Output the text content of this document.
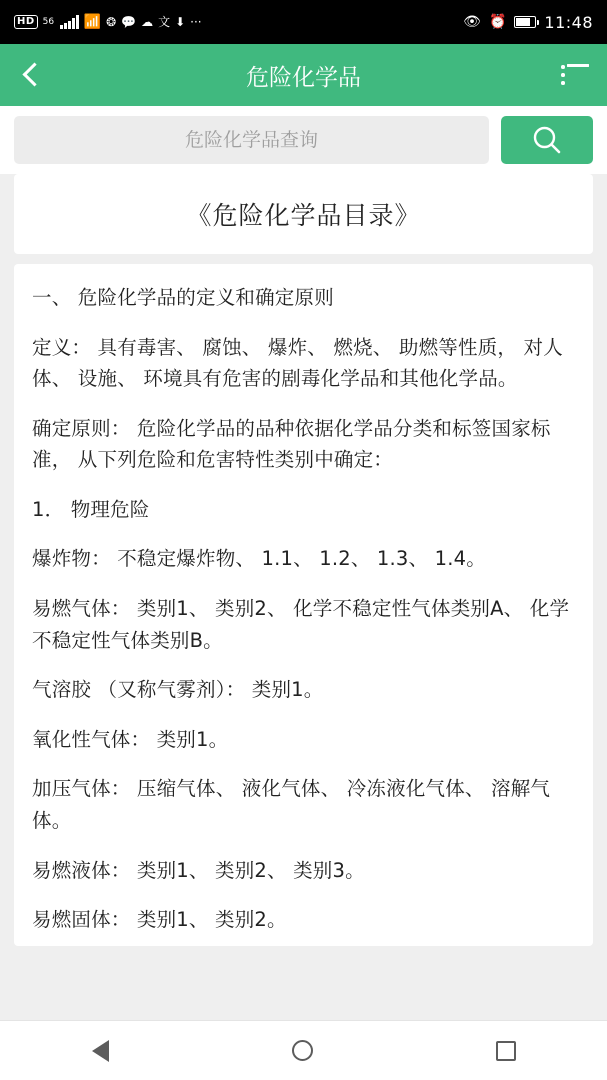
HD 56 📶 ❂ 💬 ☁ 文 ⬇ ···	👁 ⏰ 11:48
危险化学品
危险化学品查询
《危险化学品目录》

一、 危险化学品的定义和确定原则

定义： 具有毒害、 腐蚀、 爆炸、 燃烧、 助燃等性质， 对人体、 设施、 环境具有危害的剧毒化学品和其他化学品。

确定原则： 危险化学品的品种依据化学品分类和标签国家标准， 从下列危险和危害特性类别中确定：

1． 物理危险

爆炸物： 不稳定爆炸物、 1.1、 1.2、 1.3、 1.4。

易燃气体： 类别1、 类别2、 化学不稳定性气体类别A、 化学不稳定性气体类别B。

气溶胶 （又称气雾剂）： 类别1。

氧化性气体： 类别1。

加压气体： 压缩气体、 液化气体、 冷冻液化气体、 溶解气体。

易燃液体： 类别1、 类别2、 类别3。

易燃固体： 类别1、 类别2。
